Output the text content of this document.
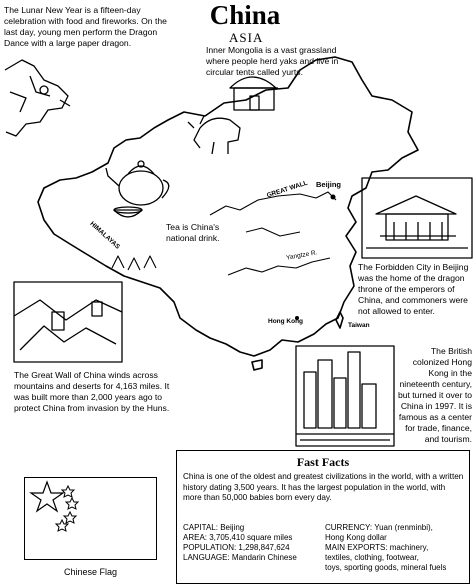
China
ASIA
The Lunar New Year is a fifteen-day celebration with food and fireworks. On the last day, young men perform the Dragon Dance with a large paper dragon.
Inner Mongolia is a vast grassland where people herd yaks and live in circular tents called yurts.
Tea is China's national drink.
The Forbidden City in Beijing was the home of the dragon throne of the emperors of China, and commoners were not allowed to enter.
The Great Wall of China winds across mountains and deserts for 4,163 miles. It was built more than 2,000 years ago to protect China from invasion by the Huns.
The British colonized Hong Kong in the nineteenth century, but turned it over to China in 1997. It is famous as a center for trade, finance, and tourism.
GREAT WALL Beijing
HIMALAYAS
Yangtze R.
Hong Kong
Taiwan
Fast Facts
China is one of the oldest and greatest civilizations in the world, with a written history dating 3,500 years. It has the largest population in the world, with more than 50,000 babies born every day.
CAPITAL: Beijing
AREA: 3,705,410 square miles
POPULATION: 1,298,847,624
LANGUAGE: Mandarin Chinese
CURRENCY: Yuan (renminbi),
Hong Kong dollar
MAIN EXPORTS: machinery,
textiles, clothing, footwear,
toys, sporting goods, mineral fuels
Chinese Flag
